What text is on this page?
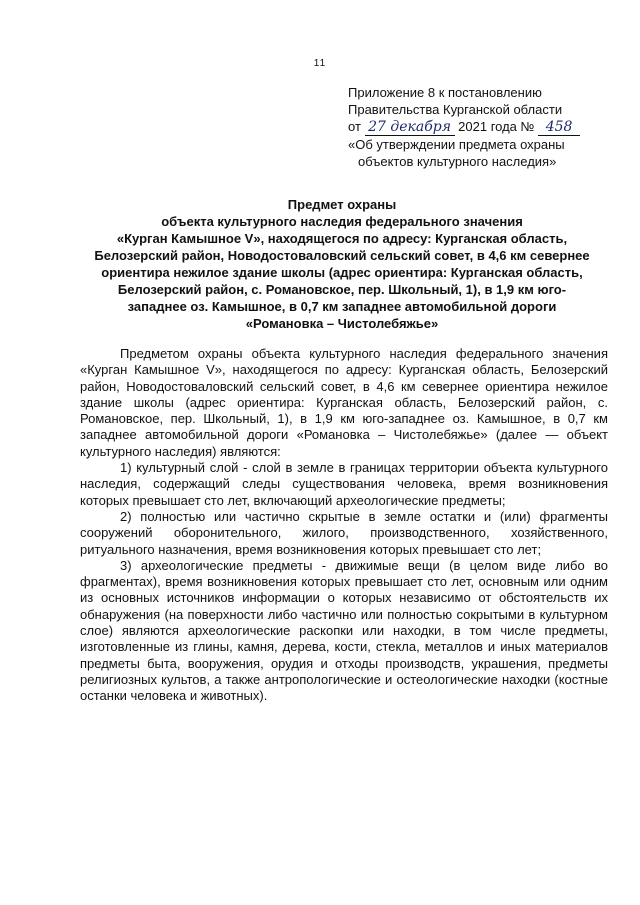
11
Приложение 8 к постановлению
Правительства Курганской области
от 27 декабря 2021 года № 458
«Об утверждении предмета охраны
объектов культурного наследия»
Предмет охраны
объекта культурного наследия федерального значения
«Курган Камышное V», находящегося по адресу: Курганская область,
Белозерский район, Новодостоваловский сельский совет, в 4,6 км севернее
ориентира нежилое здание школы (адрес ориентира: Курганская область,
Белозерский район, с. Романовское, пер. Школьный, 1), в 1,9 км юго-
западнее оз. Камышное, в 0,7 км западнее автомобильной дороги
«Романовка – Чистолебяжье»

Предметом охраны объекта культурного наследия федерального значения «Курган Камышное V», находящегося по адресу: Курганская область, Белозерский район, Новодостоваловский сельский совет, в 4,6 км севернее ориентира нежилое здание школы (адрес ориентира: Курганская область, Белозерский район, с. Романовское, пер. Школьный, 1), в 1,9 км юго-западнее оз. Камышное, в 0,7 км западнее автомобильной дороги «Романовка – Чистолебяжье» (далее — объект культурного наследия) являются:

1) культурный слой - слой в земле в границах территории объекта культурного наследия, содержащий следы существования человека, время возникновения которых превышает сто лет, включающий археологические предметы;

2) полностью или частично скрытые в земле остатки и (или) фрагменты сооружений оборонительного, жилого, производственного, хозяйственного, ритуального назначения, время возникновения которых превышает сто лет;

3) археологические предметы - движимые вещи (в целом виде либо во фрагментах), время возникновения которых превышает сто лет, основным или одним из основных источников информации о которых независимо от обстоятельств их обнаружения (на поверхности либо частично или полностью сокрытыми в культурном слое) являются археологические раскопки или находки, в том числе предметы, изготовленные из глины, камня, дерева, кости, стекла, металлов и иных материалов предметы быта, вооружения, орудия и отходы производств, украшения, предметы религиозных культов, а также антропологические и остеологические находки (костные останки человека и животных).
